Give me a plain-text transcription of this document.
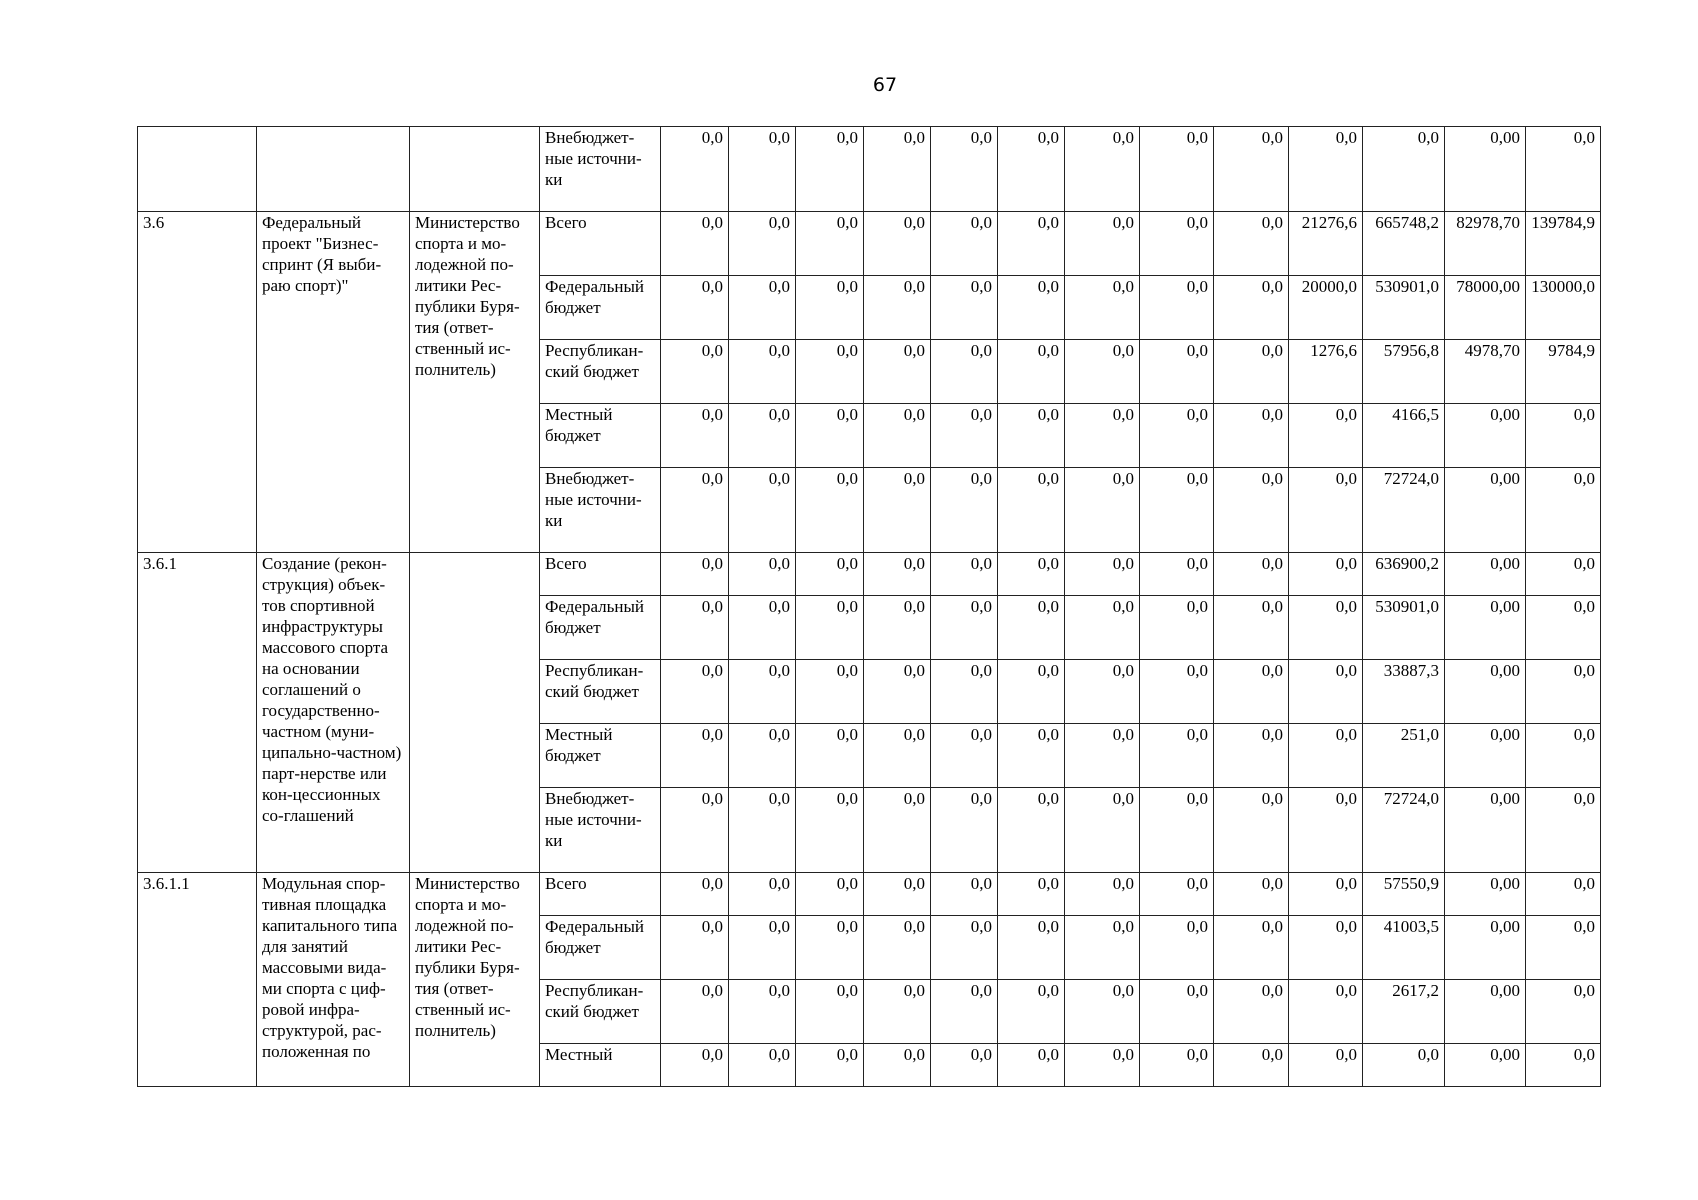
67
			Внебюджет-ные источни-ки	0,0	0,0	0,0	0,0	0,0	0,0	0,0	0,0	0,0	0,0	0,0	0,00	0,0
3.6	Федеральный проект "Бизнес-спринт (Я выби-раю спорт)"	Министерство спорта и мо-лодежной по-литики Рес-публики Буря-тия (ответ-ственный ис-полнитель)	Всего	0,0	0,0	0,0	0,0	0,0	0,0	0,0	0,0	0,0	21276,6	665748,2	82978,70	139784,9
			Федеральный бюджет	0,0	0,0	0,0	0,0	0,0	0,0	0,0	0,0	0,0	20000,0	530901,0	78000,00	130000,0
			Республикан-ский бюджет	0,0	0,0	0,0	0,0	0,0	0,0	0,0	0,0	0,0	1276,6	57956,8	4978,70	9784,9
			Местный бюджет	0,0	0,0	0,0	0,0	0,0	0,0	0,0	0,0	0,0	0,0	4166,5	0,00	0,0
			Внебюджет-ные источни-ки	0,0	0,0	0,0	0,0	0,0	0,0	0,0	0,0	0,0	0,0	72724,0	0,00	0,0
3.6.1	Создание (рекон-струкция) объек-тов спортивной инфраструктуры массового спорта на основании соглашений о государственно-частном (муни-ципально-частном) парт-нерстве или кон-цессионных со-глашений		Всего	0,0	0,0	0,0	0,0	0,0	0,0	0,0	0,0	0,0	0,0	636900,2	0,00	0,0
			Федеральный бюджет	0,0	0,0	0,0	0,0	0,0	0,0	0,0	0,0	0,0	0,0	530901,0	0,00	0,0
			Республикан-ский бюджет	0,0	0,0	0,0	0,0	0,0	0,0	0,0	0,0	0,0	0,0	33887,3	0,00	0,0
			Местный бюджет	0,0	0,0	0,0	0,0	0,0	0,0	0,0	0,0	0,0	0,0	251,0	0,00	0,0
			Внебюджет-ные источни-ки	0,0	0,0	0,0	0,0	0,0	0,0	0,0	0,0	0,0	0,0	72724,0	0,00	0,0
3.6.1.1	Модульная спор-тивная площадка капитального типа для занятий массовыми вида-ми спорта с циф-ровой инфра-структурой, рас-положенная по	Министерство спорта и мо-лодежной по-литики Рес-публики Буря-тия (ответ-ственный ис-полнитель)	Всего	0,0	0,0	0,0	0,0	0,0	0,0	0,0	0,0	0,0	0,0	57550,9	0,00	0,0
			Федеральный бюджет	0,0	0,0	0,0	0,0	0,0	0,0	0,0	0,0	0,0	0,0	41003,5	0,00	0,0
			Республикан-ский бюджет	0,0	0,0	0,0	0,0	0,0	0,0	0,0	0,0	0,0	0,0	2617,2	0,00	0,0
			Местный	0,0	0,0	0,0	0,0	0,0	0,0	0,0	0,0	0,0	0,0	0,0	0,00	0,0
